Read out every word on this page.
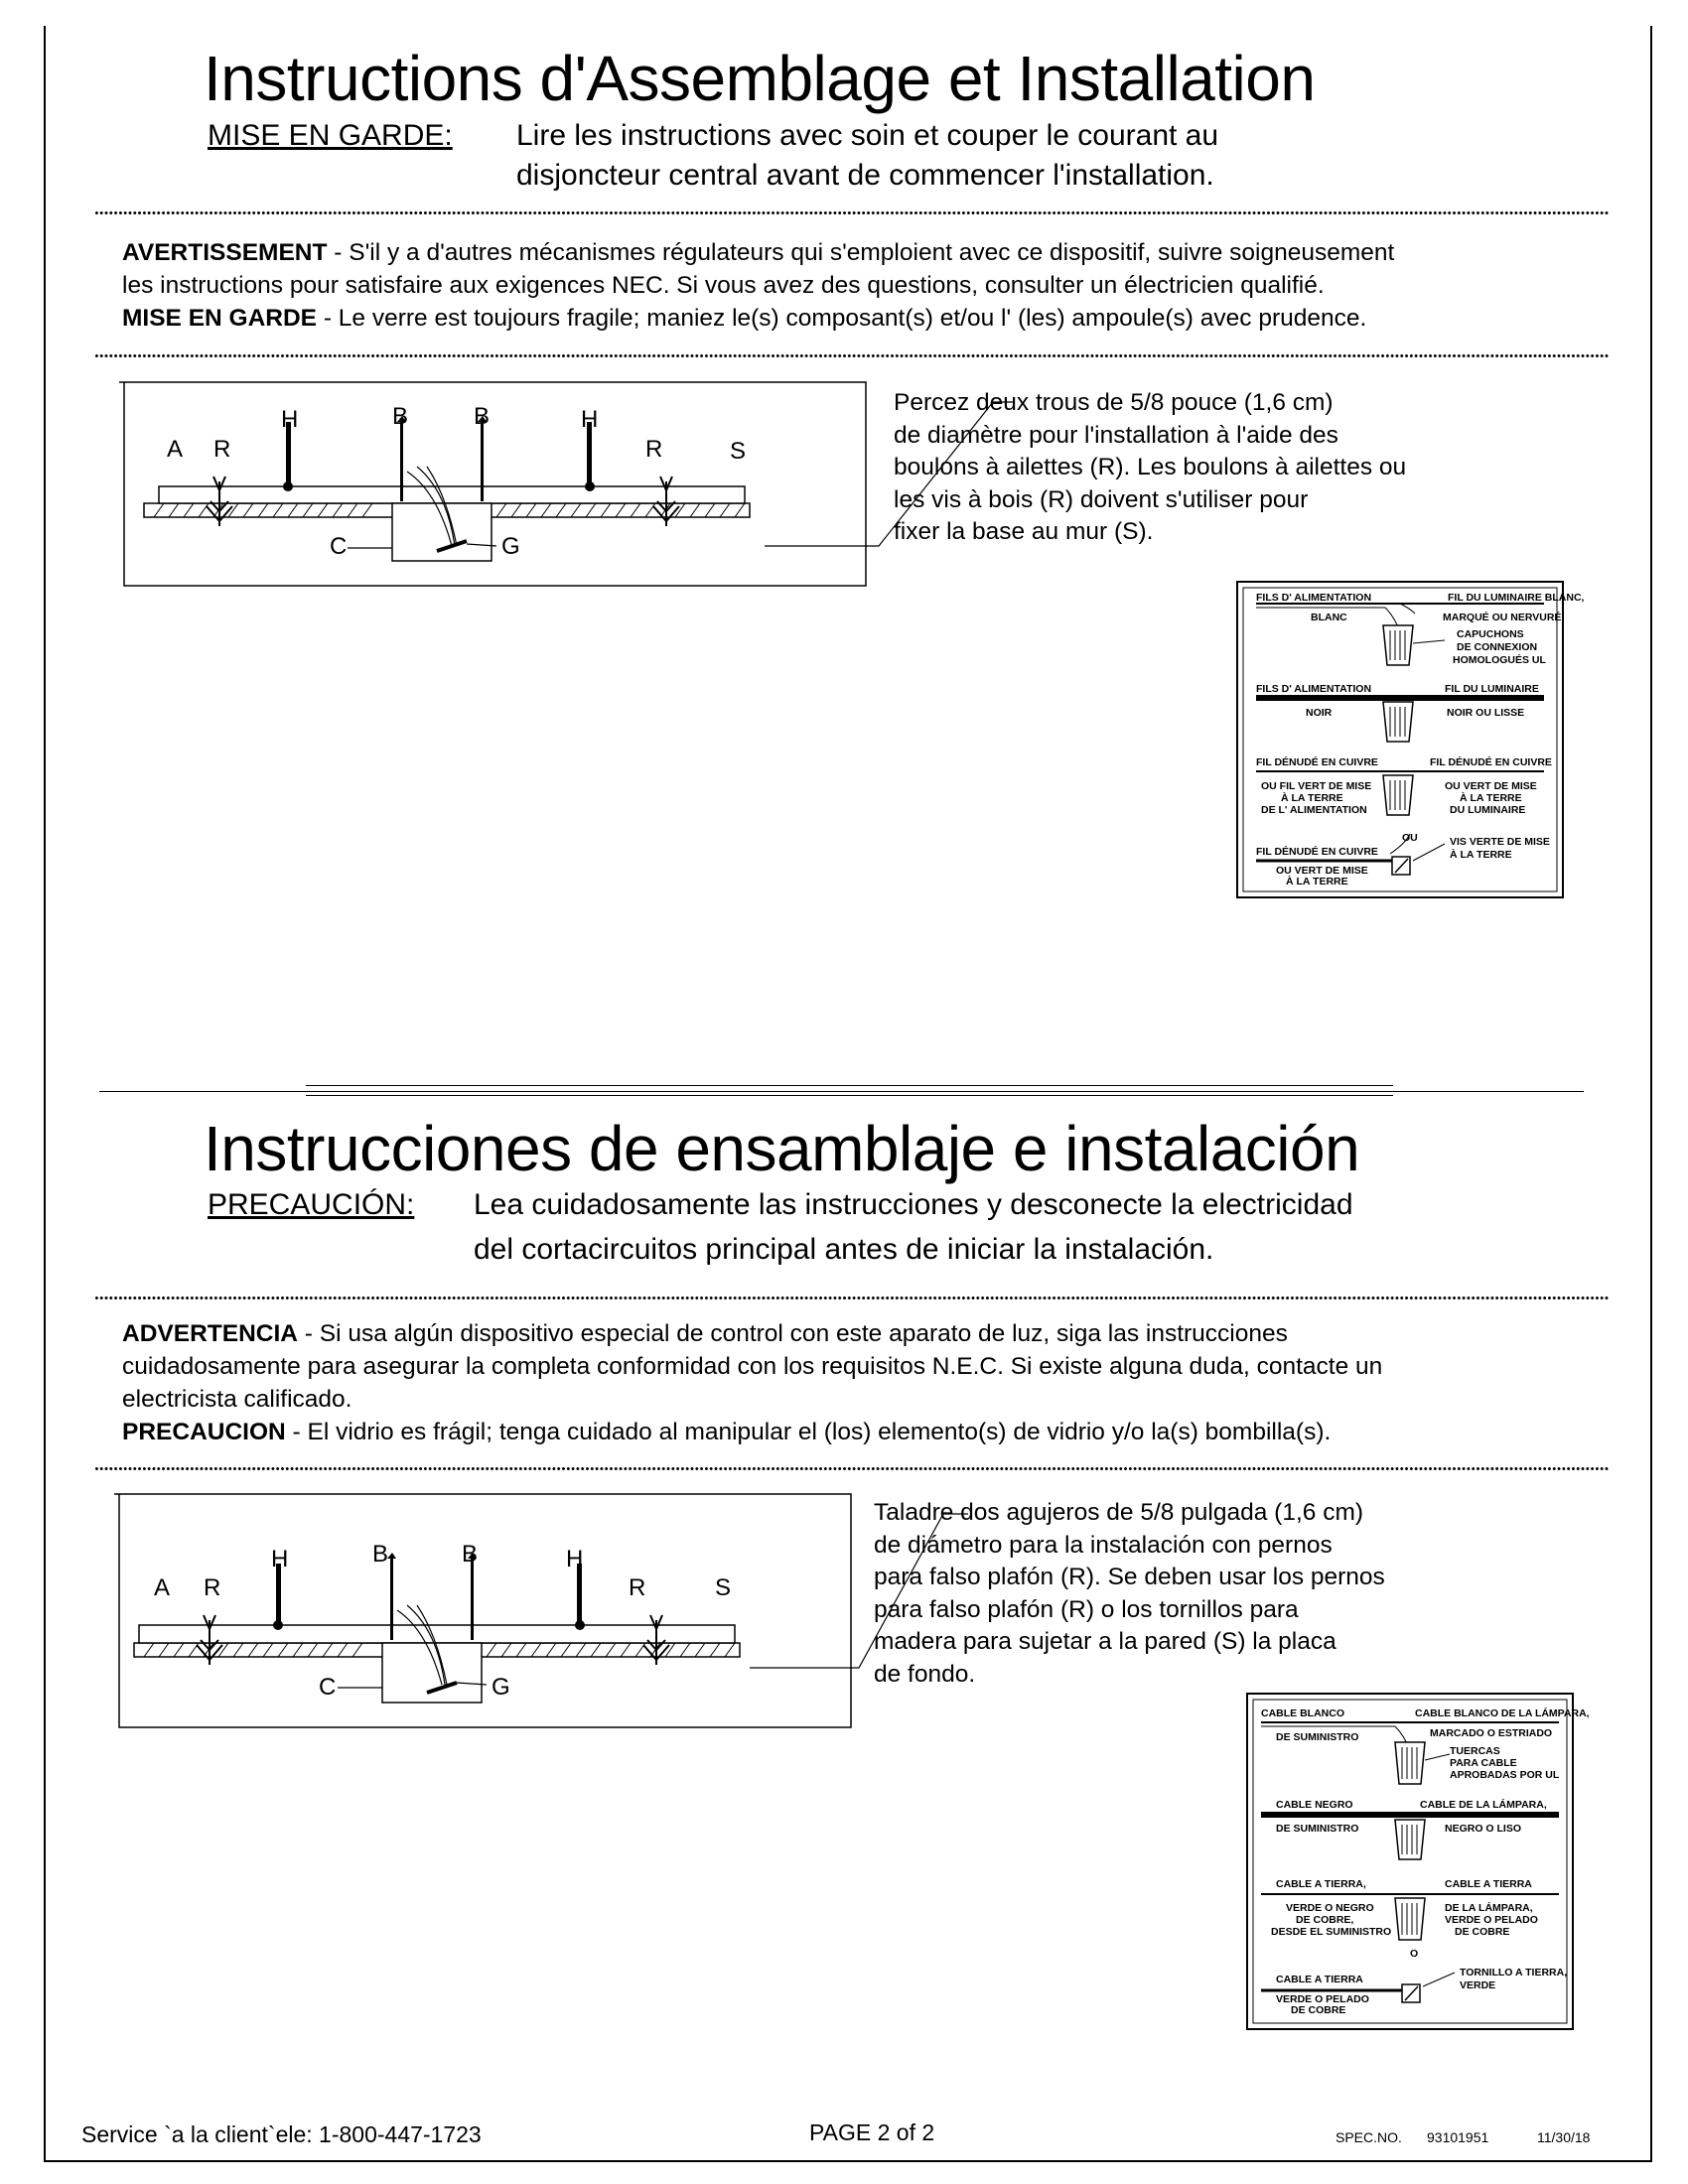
Instructions d'Assemblage et Installation
MISE EN GARDE: Lire les instructions avec soin et couper le courant au
disjoncteur central avant de commencer l'installation.
AVERTISSEMENT - S'il y a d'autres mécanismes régulateurs qui s'emploient avec ce dispositif, suivre soigneusement
les instructions pour satisfaire aux exigences NEC. Si vous avez des questions, consulter un électricien qualifié.
MISE EN GARDE - Le verre est toujours fragile; maniez le(s) composant(s) et/ou l' (les) ampoule(s) avec prudence.
A R
H	B	B	H
R	S
C	G
Percez deux trous de 5/8 pouce (1,6 cm)
de diamètre pour l'installation à l'aide des
boulons à ailettes (R). Les boulons à ailettes ou
les vis à bois (R) doivent s'utiliser pour
fixer la base au mur (S).
FILS D' ALIMENTATION
BLANC
FIL DU LUMINAIRE BLANC,
MARQUÉ OU NERVURÉ
CAPUCHONS
DE CONNEXION
HOMOLOGUÉS UL
FILS D' ALIMENTATION
NOIR
FIL DU LUMINAIRE
NOIR OU LISSE
FIL DÉNUDÉ EN CUIVRE	FIL DÉNUDÉ EN CUIVRE
OU FIL VERT DE MISE
À LA TERRE
DE L' ALIMENTATION
OU VERT DE MISE
À LA TERRE
DU LUMINAIRE
OU
FIL DÉNUDÉ EN CUIVRE
OU VERT DE MISE
À LA TERRE
VIS VERTE DE MISE
À LA TERRE
Instrucciones de ensamblaje e instalación
PRECAUCIÓN: Lea cuidadosamente las instrucciones y desconecte la electricidad
del cortacircuitos principal antes de iniciar la instalación.
ADVERTENCIA - Si usa algún dispositivo especial de control con este aparato de luz, siga las instrucciones
cuidadosamente para asegurar la completa conformidad con los requisitos N.E.C. Si existe alguna duda, contacte un
electricista calificado.
PRECAUCION - El vidrio es frágil; tenga cuidado al manipular el (los) elemento(s) de vidrio y/o la(s) bombilla(s).
A R
H	B	B	H
R	S
C	G
Taladre dos agujeros de 5/8 pulgada (1,6 cm)
de diámetro para la instalación con pernos
para falso plafón (R). Se deben usar los pernos
para falso plafón (R) o los tornillos para
madera para sujetar a la pared (S) la placa
de fondo.
CABLE BLANCO
DE SUMINISTRO
CABLE BLANCO DE LA LÁMPARA,
MARCADO O ESTRIADO
TUERCAS
PARA CABLE
APROBADAS POR UL
CABLE NEGRO
DE SUMINISTRO
CABLE DE LA LÁMPARA,
NEGRO O LISO
CABLE A TIERRA,	CABLE A TIERRA
VERDE O NEGRO
DE COBRE,
DESDE EL SUMINISTRO
DE LA LÁMPARA,
VERDE O PELADO
DE COBRE
O
CABLE A TIERRA
VERDE O PELADO
DE COBRE
TORNILLO A TIERRA,
VERDE
Service `a la client`ele: 1-800-447-1723	PAGE 2 of 2	SPEC.NO. 93101951	11/30/18
